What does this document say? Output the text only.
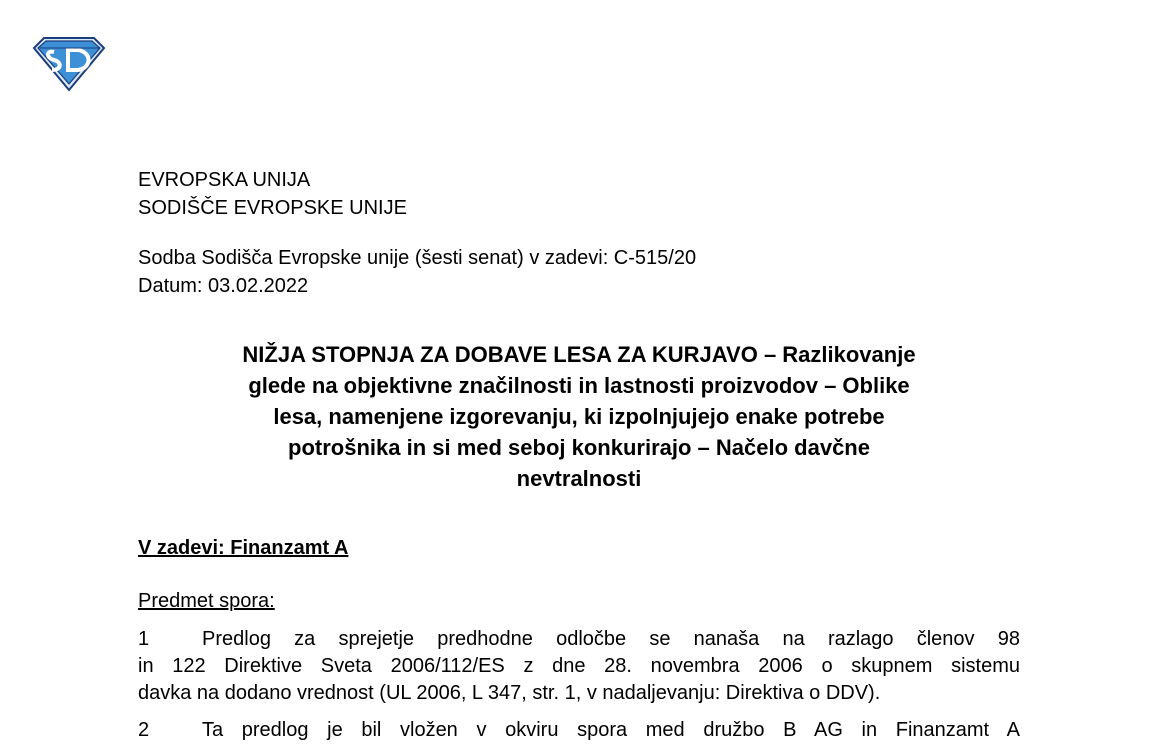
EVROPSKA UNIJA
SODIŠČE EVROPSKE UNIJE
Sodba Sodišča Evropske unije (šesti senat) v zadevi: C-515/20
Datum: 03.02.2022
NIŽJA STOPNJA ZA DOBAVE LESA ZA KURJAVO – Razlikovanje
glede na objektivne značilnosti in lastnosti proizvodov – Oblike
lesa, namenjene izgorevanju, ki izpolnjujejo enake potrebe
potrošnika in si med seboj konkurirajo – Načelo davčne
nevtralnosti
V zadevi: Finanzamt A
Predmet spora:
1	Predlog za sprejetje predhodne odločbe se nanaša na razlago členov 98
in 122 Direktive Sveta 2006/112/ES z dne 28. novembra 2006 o skupnem sistemu
davka na dodano vrednost (UL 2006, L 347, str. 1, v nadaljevanju: Direktiva o DDV).
2	Ta predlog je bil vložen v okviru spora med družbo B AG in Finanzamt A
